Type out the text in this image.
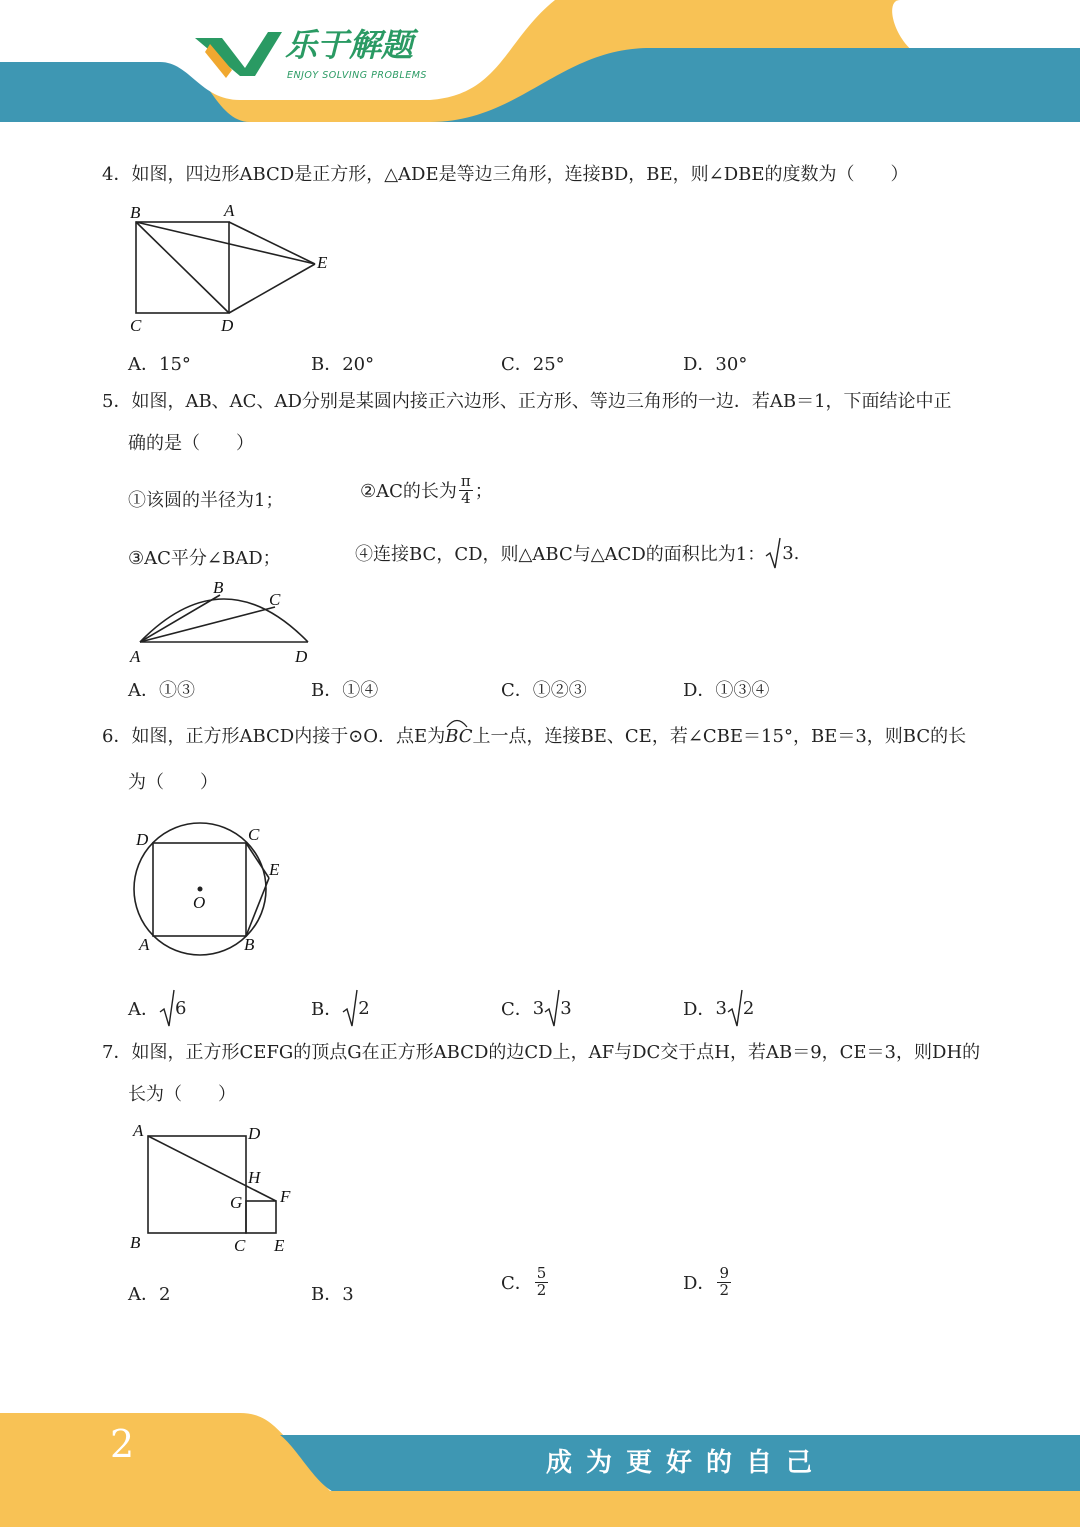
乐于解题
ENJOY SOLVING PROBLEMS
4．如图，四边形ABCD是正方形，△ADE是等边三角形，连接BD，BE，则∠DBE的度数为（　　）
B	A
E
C	D
A．15°	B．20°	C．25°	D．30°
5．如图，AB、AC、AD分别是某圆内接正六边形、正方形、等边三角形的一边．若AB＝1，下面结论中正
确的是（　　）
①该圆的半径为1；	②AC的长为 $\frac{\pi}{4}$ ；
③AC平分∠BAD；	④连接BC，CD，则△ABC与△ACD的面积比为1： 3 .
B
C
A	D
A．①③	B．①④	C．①②③	D．①③④
6．如图，正方形ABCD内接于⊙O．点E为
BC上一点，连接BE、CE，若∠CBE＝15°，BE＝3，则BC的长
为（　　）
D	C
E
O
A	B
A． 6	B． 2	C． 3 3	D． 3 2
7．如图，正方形CEFG的顶点G在正方形ABCD的边CD上，AF与DC交于点H，若AB＝9，CE＝3，则DH的
长为（　　）
A	D
H
G F
B	C E
A．2	B．3
C． $\frac{5}{2}$	D． $\frac{9}{2}$
2	成为更好的自己
